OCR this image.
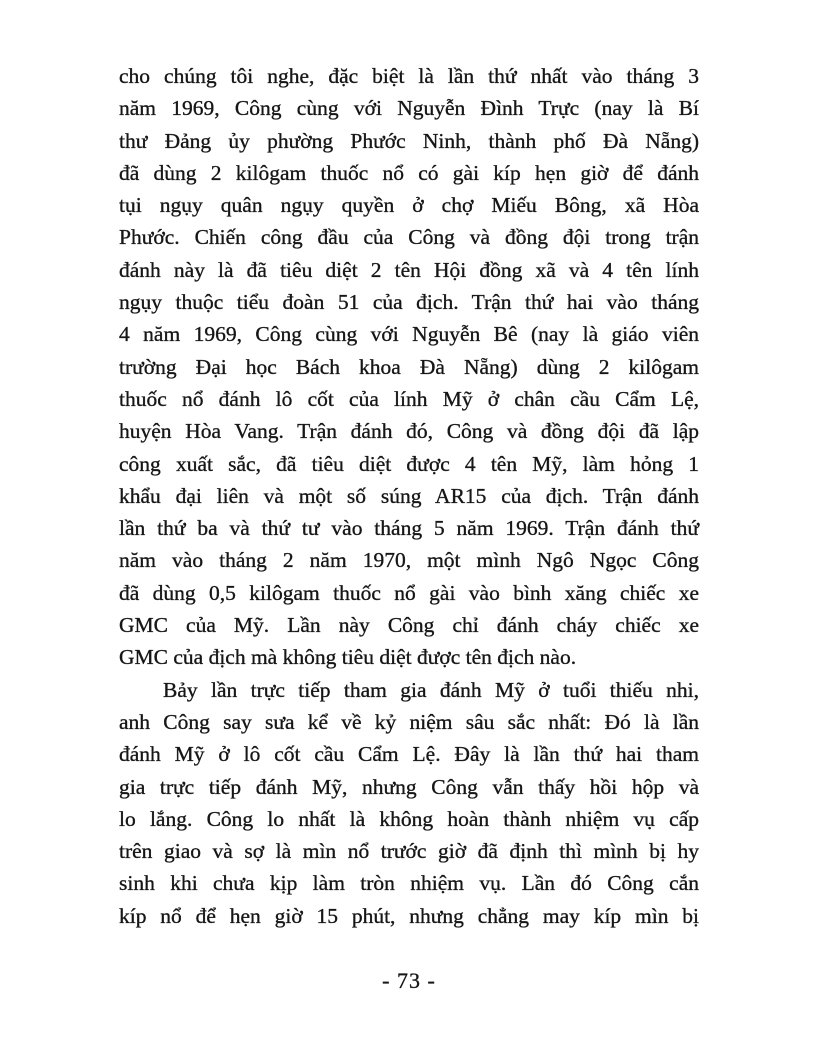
cho chúng tôi nghe, đặc biệt là lần thứ nhất vào tháng 3
năm 1969, Công cùng với Nguyễn Đình Trực (nay là Bí
thư Đảng ủy phường Phước Ninh, thành phố Đà Nẵng)
đã dùng 2 kilôgam thuốc nổ có gài kíp hẹn giờ để đánh
tụi ngụy quân ngụy quyền ở chợ Miếu Bông, xã Hòa
Phước. Chiến công đầu của Công và đồng đội trong trận
đánh này là đã tiêu diệt 2 tên Hội đồng xã và 4 tên lính
ngụy thuộc tiểu đoàn 51 của địch. Trận thứ hai vào tháng
4 năm 1969, Công cùng với Nguyễn Bê (nay là giáo viên
trường Đại học Bách khoa Đà Nẵng) dùng 2 kilôgam
thuốc nổ đánh lô cốt của lính Mỹ ở chân cầu Cẩm Lệ,
huyện Hòa Vang. Trận đánh đó, Công và đồng đội đã lập
công xuất sắc, đã tiêu diệt được 4 tên Mỹ, làm hỏng 1
khẩu đại liên và một số súng AR15 của địch. Trận đánh
lần thứ ba và thứ tư vào tháng 5 năm 1969. Trận đánh thứ
năm vào tháng 2 năm 1970, một mình Ngô Ngọc Công
đã dùng 0,5 kilôgam thuốc nổ gài vào bình xăng chiếc xe
GMC của Mỹ. Lần này Công chỉ đánh cháy chiếc xe
GMC của địch mà không tiêu diệt được tên địch nào.
Bảy lần trực tiếp tham gia đánh Mỹ ở tuổi thiếu nhi,
anh Công say sưa kể về kỷ niệm sâu sắc nhất: Đó là lần
đánh Mỹ ở lô cốt cầu Cẩm Lệ. Đây là lần thứ hai tham
gia trực tiếp đánh Mỹ, nhưng Công vẫn thấy hồi hộp và
lo lắng. Công lo nhất là không hoàn thành nhiệm vụ cấp
trên giao và sợ là mìn nổ trước giờ đã định thì mình bị hy
sinh khi chưa kịp làm tròn nhiệm vụ. Lần đó Công cắn
kíp nổ để hẹn giờ 15 phút, nhưng chẳng may kíp mìn bị
- 73 -
